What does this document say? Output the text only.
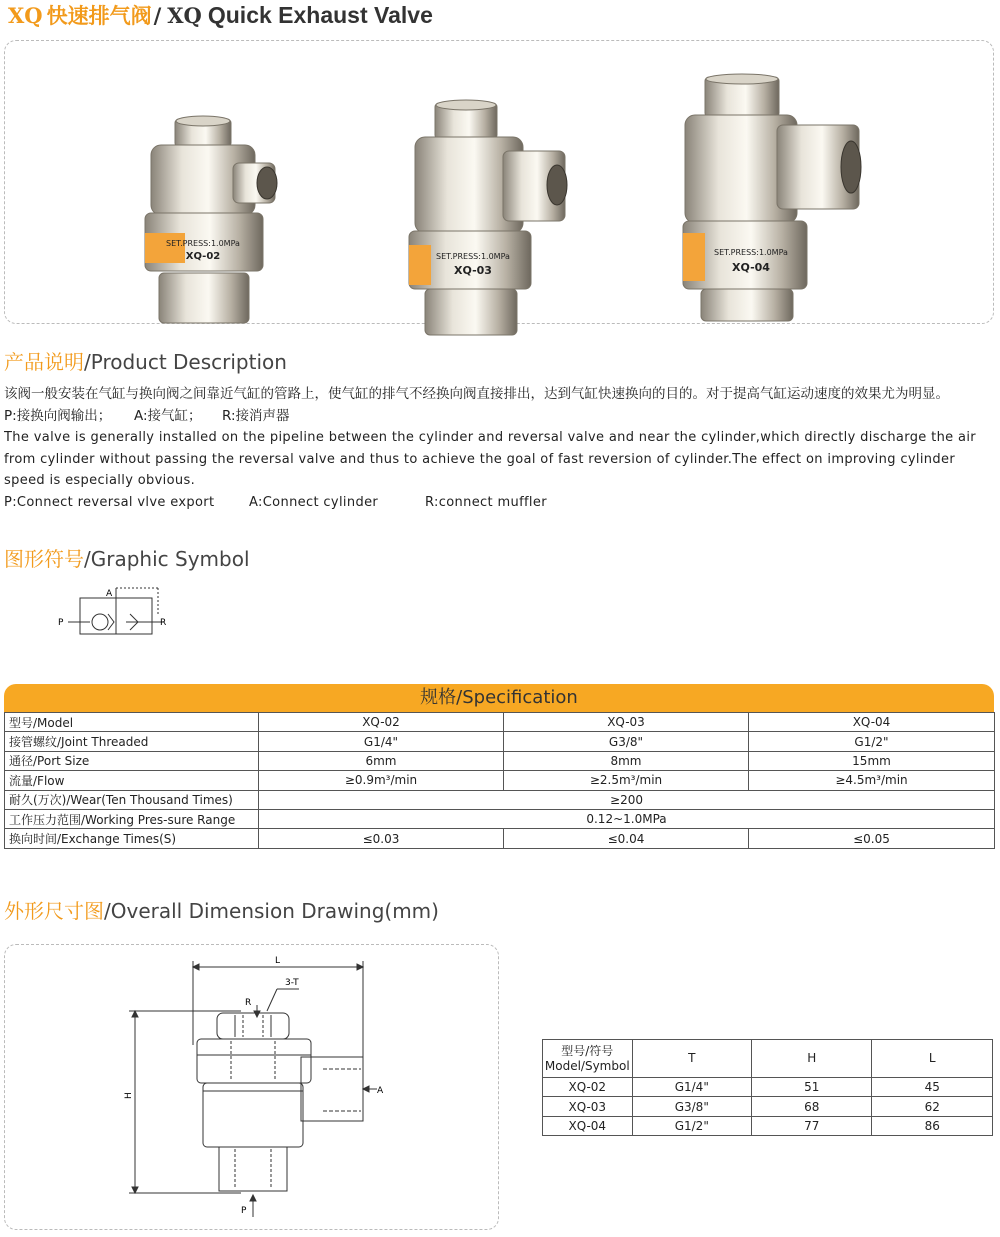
XQ 快速排气阀 / XQ Quick Exhaust Valve
SET.PRESS:1.0MPa
XQ-02	SET.PRESS:1.0MPa
XQ-03
SET.PRESS:1.0MPa
XQ-04
产品说明/Product Description
该阀一般安装在气缸与换向阀之间靠近气缸的管路上，使气缸的排气不经换向阀直接排出，达到气缸快速换向的目的。对于提高气缸运动速度的效果尤为明显。
P:接换向阀输出； A:接气缸； R:接消声器
The valve is generally installed on the pipeline between the cylinder and reversal valve and near the cylinder,which directly discharge the air
from cylinder without passing the reversal valve and thus to achieve the goal of fast reversion of cylinder.The effect on improving cylinder
speed is especially obvious.
P:Connect reversal vlve export	A:Connect cylinder	R:connect muffler
图形符号/Graphic Symbol
A
P	R
规格/Specification
型号/Model	XQ-02	XQ-03	XQ-04
接管螺纹/Joint Threaded	G1/4"	G3/8"	G1/2"
通径/Port Size	6mm	8mm	15mm
流量/Flow	≥0.9m³/min	≥2.5m³/min	≥4.5m³/min
耐久(万次)/Wear(Ten Thousand Times)	≥200		
工作压力范围/Working Pres-sure Range	0.12~1.0MPa		
换向时间/Exchange Times(S)	≤0.03	≤0.04	≤0.05
外形尺寸图/Overall Dimension Drawing(mm)
L
3-T
R
H	A
P
型号/符号
Model/Symbol	T	H	L
XQ-02	G1/4"	51	45
XQ-03	G3/8"	68	62
XQ-04	G1/2"	77	86
